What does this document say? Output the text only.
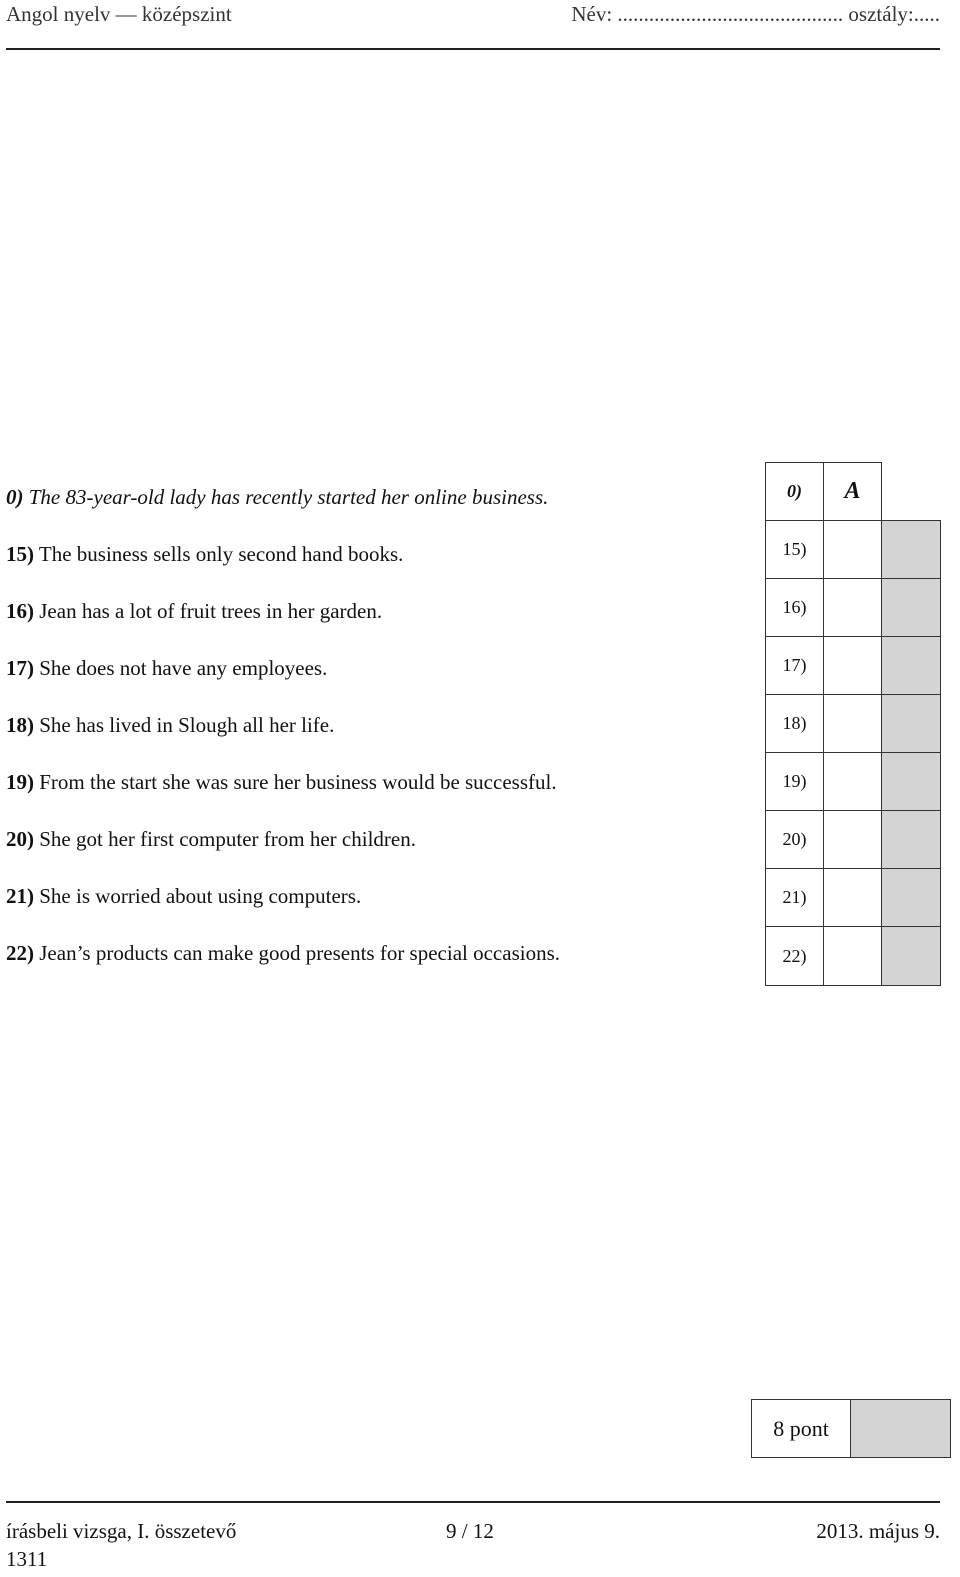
Angol nyelv — középszint	Név: ........................................... osztály:.....
0) The 83-year-old lady has recently started her online business.
15) The business sells only second hand books.
16) Jean has a lot of fruit trees in her garden.
17) She does not have any employees.
18) She has lived in Slough all her life.
19) From the start she was sure her business would be successful.
20) She got her first computer from her children.
21) She is worried about using computers.
22) Jean’s products can make good presents for special occasions.
0)	A
15)
16)
17)
18)
19)
20)
21)
22)
8 pont
írásbeli vizsga, I. összetevő	9 / 12	2013. május 9.
1311
